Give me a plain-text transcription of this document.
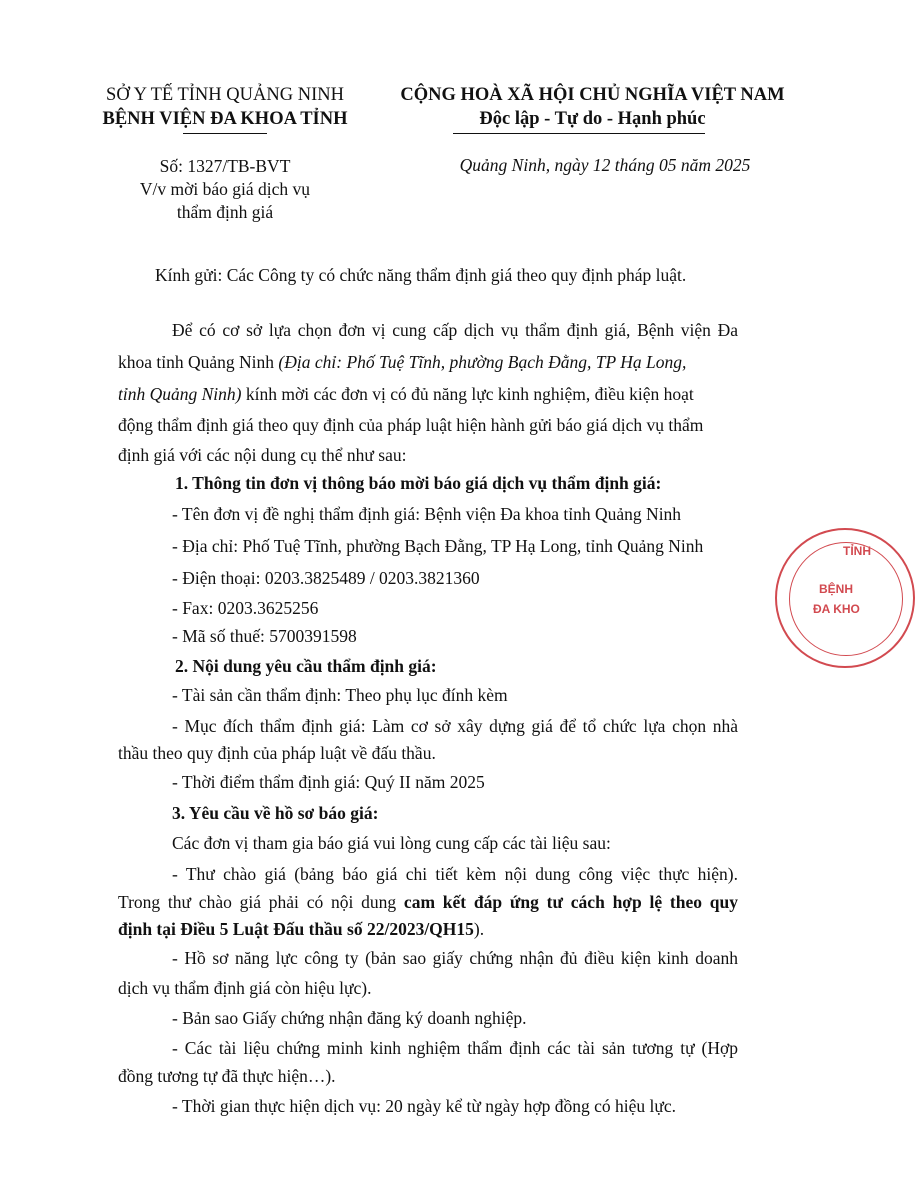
SỞ Y TẾ TỈNH QUẢNG NINH
BỆNH VIỆN ĐA KHOA TỈNH
CỘNG HOÀ XÃ HỘI CHỦ NGHĨA VIỆT NAM
Độc lập - Tự do - Hạnh phúc
Số: 1327/TB-BVT
V/v mời báo giá dịch vụ
thẩm định giá
Quảng Ninh, ngày 12 tháng 05 năm 2025
Kính gửi: Các Công ty có chức năng thẩm định giá theo quy định pháp luật.
Để có cơ sở lựa chọn đơn vị cung cấp dịch vụ thẩm định giá, Bệnh viện Đa
khoa tỉnh Quảng Ninh (Địa chỉ: Phố Tuệ Tĩnh, phường Bạch Đằng, TP Hạ Long,
tỉnh Quảng Ninh) kính mời các đơn vị có đủ năng lực kinh nghiệm, điều kiện hoạt
động thẩm định giá theo quy định của pháp luật hiện hành gửi báo giá dịch vụ thẩm
định giá với các nội dung cụ thể như sau:
1. Thông tin đơn vị thông báo mời báo giá dịch vụ thẩm định giá:
- Tên đơn vị đề nghị thẩm định giá: Bệnh viện Đa khoa tỉnh Quảng Ninh
- Địa chỉ: Phố Tuệ Tĩnh, phường Bạch Đằng, TP Hạ Long, tỉnh Quảng Ninh
- Điện thoại: 0203.3825489 / 0203.3821360
- Fax: 0203.3625256
- Mã số thuế: 5700391598
2. Nội dung yêu cầu thẩm định giá:
- Tài sản cần thẩm định: Theo phụ lục đính kèm
- Mục đích thẩm định giá: Làm cơ sở xây dựng giá để tổ chức lựa chọn nhà
thầu theo quy định của pháp luật về đấu thầu.
- Thời điểm thẩm định giá: Quý II năm 2025
3. Yêu cầu về hồ sơ báo giá:
Các đơn vị tham gia báo giá vui lòng cung cấp các tài liệu sau:
- Thư chào giá (bảng báo giá chi tiết kèm nội dung công việc thực hiện).
Trong thư chào giá phải có nội dung cam kết đáp ứng tư cách hợp lệ theo quy
định tại Điều 5 Luật Đấu thầu số 22/2023/QH15).
- Hồ sơ năng lực công ty (bản sao giấy chứng nhận đủ điều kiện kinh doanh
dịch vụ thẩm định giá còn hiệu lực).
- Bản sao Giấy chứng nhận đăng ký doanh nghiệp.
- Các tài liệu chứng minh kinh nghiệm thẩm định các tài sản tương tự (Hợp
đồng tương tự đã thực hiện…).
- Thời gian thực hiện dịch vụ: 20 ngày kể từ ngày hợp đồng có hiệu lực.
TỈNH
BỆNH
ĐA KHO
